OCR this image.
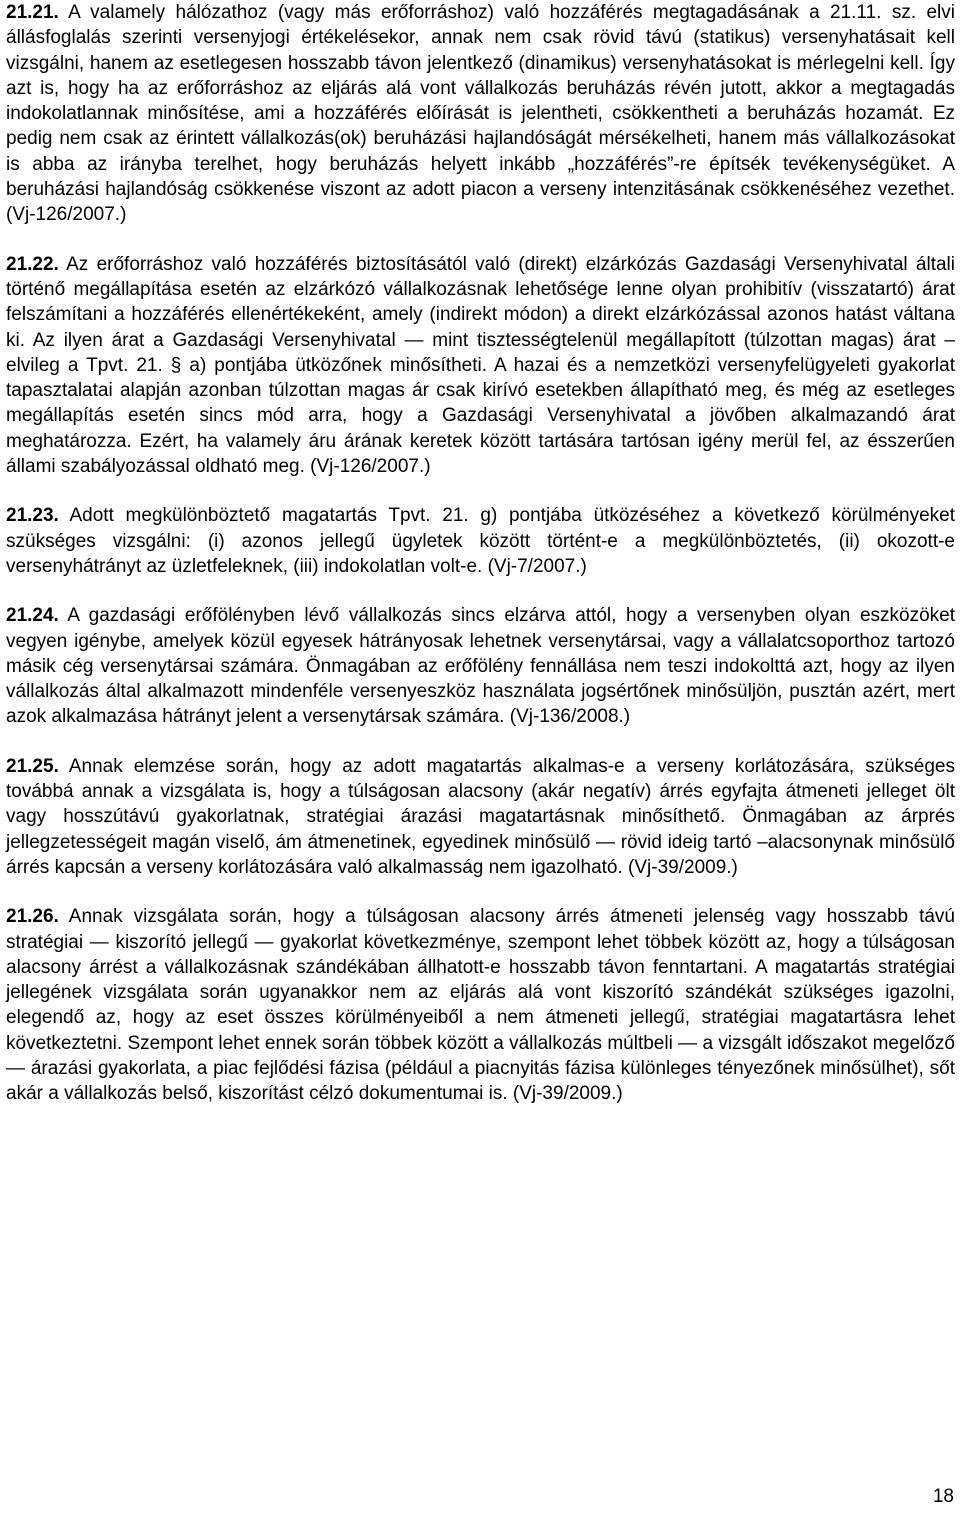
21.21. A valamely hálózathoz (vagy más erőforráshoz) való hozzáférés megtagadásának a 21.11. sz. elvi állásfoglalás szerinti versenyjogi értékelésekor, annak nem csak rövid távú (statikus) versenyhatásait kell vizsgálni, hanem az esetlegesen hosszabb távon jelentkező (dinamikus) versenyhatásokat is mérlegelni kell. Így azt is, hogy ha az erőforráshoz az eljárás alá vont vállalkozás beruházás révén jutott, akkor a megtagadás indokolatlannak minősítése, ami a hozzáférés előírását is jelentheti, csökkentheti a beruházás hozamát. Ez pedig nem csak az érintett vállalkozás(ok) beruházási hajlandóságát mérsékelheti, hanem más vállalkozásokat is abba az irányba terelhet, hogy beruházás helyett inkább „hozzáférés”-re építsék tevékenységüket. A beruházási hajlandóság csökkenése viszont az adott piacon a verseny intenzitásának csökkenéséhez vezethet. (Vj-126/2007.)

21.22. Az erőforráshoz való hozzáférés biztosításától való (direkt) elzárkózás Gazdasági Versenyhivatal általi történő megállapítása esetén az elzárkózó vállalkozásnak lehetősége lenne olyan prohibitív (visszatartó) árat felszámítani a hozzáférés ellenértékeként, amely (indirekt módon) a direkt elzárkózással azonos hatást váltana ki. Az ilyen árat a Gazdasági Versenyhivatal ― mint tisztességtelenül megállapított (túlzottan magas) árat – elvileg a Tpvt. 21. § a) pontjába ütközőnek minősítheti. A hazai és a nemzetközi versenyfelügyeleti gyakorlat tapasztalatai alapján azonban túlzottan magas ár csak kirívó esetekben állapítható meg, és még az esetleges megállapítás esetén sincs mód arra, hogy a Gazdasági Versenyhivatal a jövőben alkalmazandó árat meghatározza. Ezért, ha valamely áru árának keretek között tartására tartósan igény merül fel, az ésszerűen állami szabályozással oldható meg. (Vj-126/2007.)

21.23. Adott megkülönböztető magatartás Tpvt. 21. g) pontjába ütközéséhez a következő körülményeket szükséges vizsgálni: (i) azonos jellegű ügyletek között történt-e a megkülönböztetés, (ii) okozott-e versenyhátrányt az üzletfeleknek, (iii) indokolatlan volt-e. (Vj-7/2007.)

21.24. A gazdasági erőfölényben lévő vállalkozás sincs elzárva attól, hogy a versenyben olyan eszközöket vegyen igénybe, amelyek közül egyesek hátrányosak lehetnek versenytársai, vagy a vállalatcsoporthoz tartozó másik cég versenytársai számára. Önmagában az erőfölény fennállása nem teszi indokolttá azt, hogy az ilyen vállalkozás által alkalmazott mindenféle versenyeszköz használata jogsértőnek minősüljön, pusztán azért, mert azok alkalmazása hátrányt jelent a versenytársak számára. (Vj-136/2008.)

21.25. Annak elemzése során, hogy az adott magatartás alkalmas-e a verseny korlátozására, szükséges továbbá annak a vizsgálata is, hogy a túlságosan alacsony (akár negatív) árrés egyfajta átmeneti jelleget ölt vagy hosszútávú gyakorlatnak, stratégiai árazási magatartásnak minősíthető. Önmagában az árprés jellegzetességeit magán viselő, ám átmenetinek, egyedinek minősülő ― rövid ideig tartó –alacsonynak minősülő árrés kapcsán a verseny korlátozására való alkalmasság nem igazolható. (Vj-39/2009.)

21.26. Annak vizsgálata során, hogy a túlságosan alacsony árrés átmeneti jelenség vagy hosszabb távú stratégiai ― kiszorító jellegű ― gyakorlat következménye, szempont lehet többek között az, hogy a túlságosan alacsony árrést a vállalkozásnak szándékában állhatott-e hosszabb távon fenntartani. A magatartás stratégiai jellegének vizsgálata során ugyanakkor nem az eljárás alá vont kiszorító szándékát szükséges igazolni, elegendő az, hogy az eset összes körülményeiből a nem átmeneti jellegű, stratégiai magatartásra lehet következtetni. Szempont lehet ennek során többek között a vállalkozás múltbeli ― a vizsgált időszakot megelőző ― árazási gyakorlata, a piac fejlődési fázisa (például a piacnyitás fázisa különleges tényezőnek minősülhet), sőt akár a vállalkozás belső, kiszorítást célzó dokumentumai is. (Vj-39/2009.)

18
